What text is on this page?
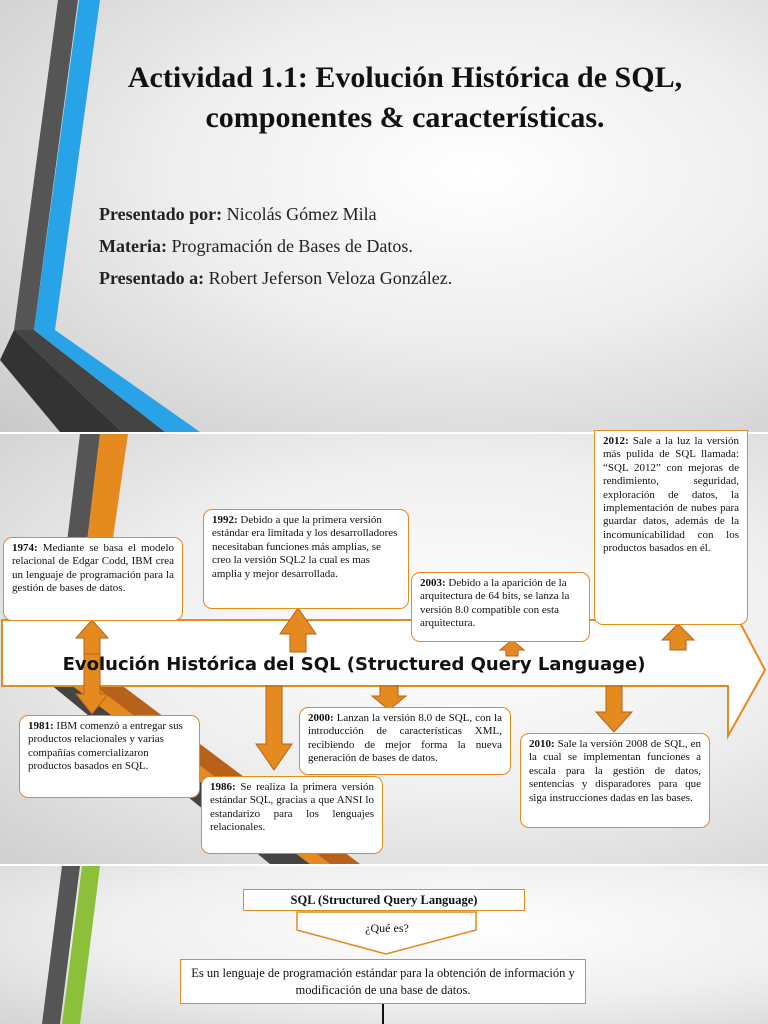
Actividad 1.1: Evolución Histórica de SQL, componentes & características.
Presentado por: Nicolás Gómez Mila
Materia: Programación de Bases de Datos.
Presentado a: Robert Jeferson Veloza González.
Evolución Histórica del SQL (Structured Query Language)
1974: Mediante se basa el modelo relacional de Edgar Codd, IBM crea un lenguaje de programación para la gestión de bases de datos.
1981: IBM comenzó a entregar sus productos relacionales y varias compañías comercializaron productos basados en SQL.
1986: Se realiza la primera versión estándar SQL, gracias a que ANSI lo estandarizo para los lenguajes relacionales.
1992: Debido a que la primera versión estándar era limitada y los desarrolladores necesitaban funciones más amplias, se creo la versión SQL2 la cual es mas amplia y mejor desarrollada.
2000: Lanzan la versión 8.0 de SQL, con la introducción de características XML, recibiendo de mejor forma la nueva generación de bases de datos.
2003: Debido a la aparición de la arquitectura de 64 bits, se lanza la versión 8.0 compatible con esta arquitectura.
2010: Sale la versión 2008 de SQL, en la cual se implementan funciones a escala para la gestión de datos, sentencias y disparadores para que siga instrucciones dadas en las bases.
2012: Sale a la luz la versión más pulida de SQL llamada: “SQL 2012” con mejoras de rendimiento, seguridad, exploración de datos, la implementación de nubes para guardar datos, además de la incomunicabilidad con los productos basados en él.
SQL (Structured Query Language)
¿Qué es?
Es un lenguaje de programación estándar para la obtención de información y modificación de una base de datos.
